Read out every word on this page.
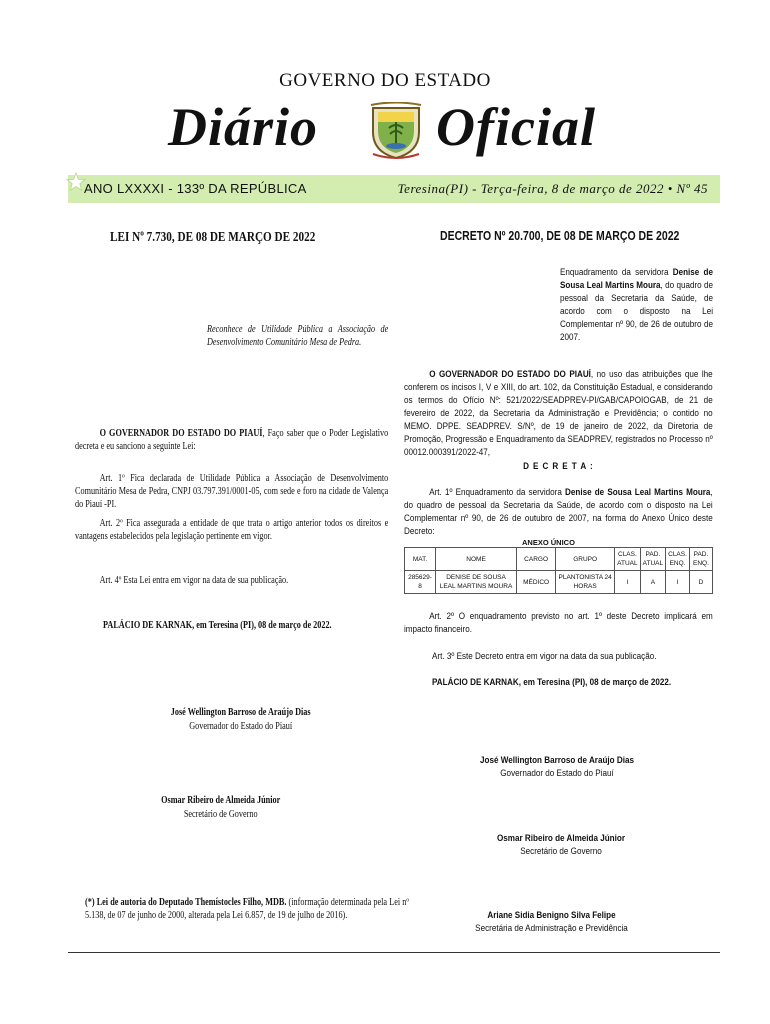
GOVERNO DO ESTADO
Diário Oficial
ANO LXXXXI - 133º DA REPÚBLICA	Teresina(PI) - Terça-feira, 8 de março de 2022 • Nº 45
LEI Nº 7.730, DE 08 DE MARÇO DE 2022
Reconhece de Utilidade Pública a Associação de Desenvolvimento Comunitário Mesa de Pedra.
O GOVERNADOR DO ESTADO DO PIAUÍ, Faço saber que o Poder Legislativo decreta e eu sanciono a seguinte Lei:
Art. 1º Fica declarada de Utilidade Pública a Associação de Desenvolvimento Comunitário Mesa de Pedra, CNPJ 03.797.391/0001-05, com sede e foro na cidade de Valença do Piauí -PI.
Art. 2º Fica assegurada a entidade de que trata o artigo anterior todos os direitos e vantagens estabelecidos pela legislação pertinente em vigor.
Art. 4º Esta Lei entra em vigor na data de sua publicação.
PALÁCIO DE KARNAK, em Teresina (PI), 08 de março de 2022.
José Wellington Barroso de Araújo Dias
Governador do Estado do Piauí
Osmar Ribeiro de Almeida Júnior
Secretário de Governo
(*) Lei de autoria do Deputado Themístocles Filho, MDB. (informação determinada pela Lei nº 5.138, de 07 de junho de 2000, alterada pela Lei 6.857, de 19 de julho de 2016).
DECRETO Nº 20.700, DE 08 DE MARÇO DE 2022
Enquadramento da servidora Denise de Sousa Leal Martins Moura, do quadro de pessoal da Secretaria da Saúde, de acordo com o disposto na Lei Complementar nº 90, de 26 de outubro de 2007.
O GOVERNADOR DO ESTADO DO PIAUÍ, no uso das atribuições que lhe conferem os incisos I, V e XIII, do art. 102, da Constituição Estadual, e considerando os termos do Ofício Nº: 521/2022/SEADPREV-PI/GAB/CAPOIOGAB, de 21 de fevereiro de 2022, da Secretaria da Administração e Previdência; o contido no MEMO. DPPE. SEADPREV. S/Nº, de 19 de janeiro de 2022, da Diretoria de Promoção, Progressão e Enquadramento da SEADPREV, registrados no Processo nº 00012.000391/2022-47,
D E C R E T A :
Art. 1º Enquadramento da servidora Denise de Sousa Leal Martins Moura, do quadro de pessoal da Secretaria da Saúde, de acordo com o disposto na Lei Complementar nº 90, de 26 de outubro de 2007, na forma do Anexo Único deste Decreto:
ANEXO ÚNICO
MAT.	NOME	CARGO	GRUPO	CLAS. ATUAL	PAD. ATUAL	CLAS. ENQ.	PAD. ENQ.
285629-8	DENISE DE SOUSA LEAL MARTINS MOURA	MÉDICO	PLANTONISTA 24 HORAS	I	A	I	D
Art. 2º O enquadramento previsto no art. 1º deste Decreto implicará em impacto financeiro.
Art. 3º Este Decreto entra em vigor na data da sua publicação.
PALÁCIO DE KARNAK, em Teresina (PI), 08 de março de 2022.
José Wellington Barroso de Araújo Dias
Governador do Estado do Piauí
Osmar Ribeiro de Almeida Júnior
Secretário de Governo
Ariane Sidia Benigno Silva Felipe
Secretária de Administração e Previdência
